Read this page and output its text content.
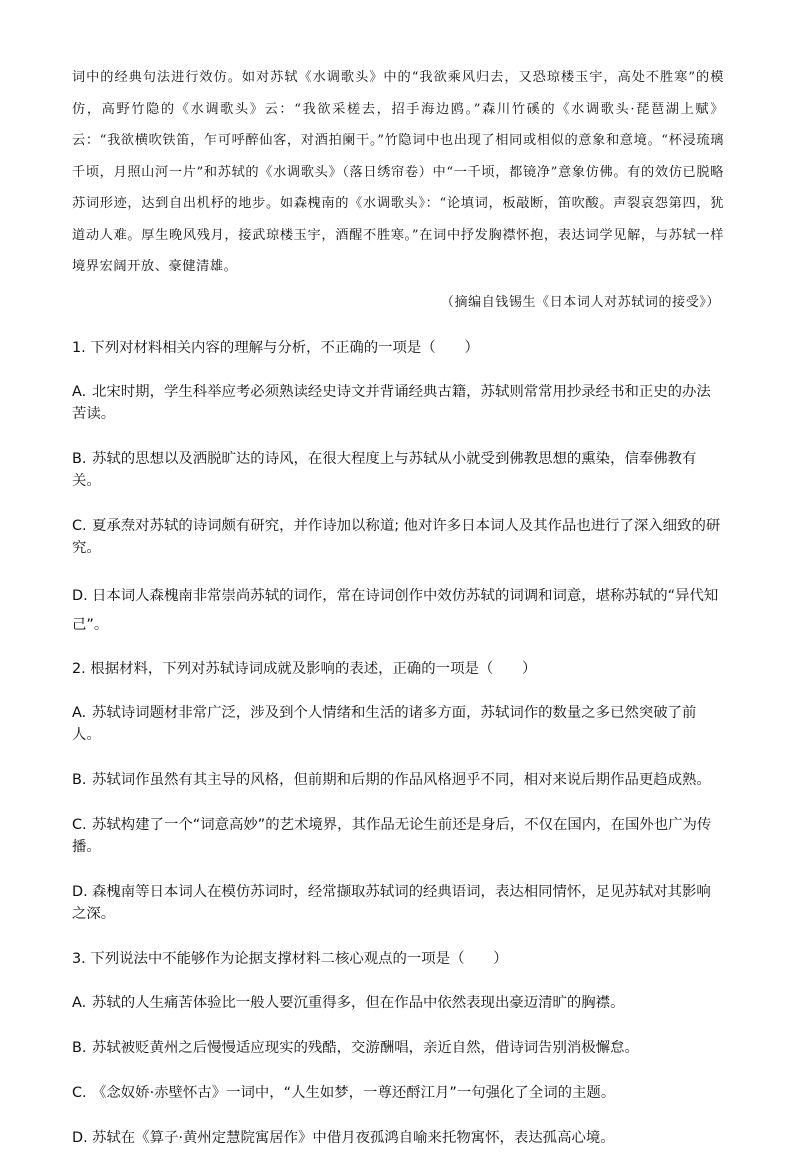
词中的经典句法进行效仿。如对苏轼《水调歌头》中的“我欲乘风归去，又恐琼楼玉宇，高处不胜寒”的模仿，高野竹隐的《水调歌头》云：“我欲采槎去，招手海边鸥。”森川竹磎的《水调歌头·琵琶湖上赋》云：“我欲横吹铁笛，乍可呼醉仙客，对酒拍阑干。”竹隐词中也出现了相同或相似的意象和意境。“杯浸琉璃千顷，月照山河一片”和苏轼的《水调歌头》（落日绣帘卷）中“一千顷，都镜净”意象仿佛。有的效仿已脱略苏词形迹，达到自出机杼的地步。如森槐南的《水调歌头》：“论填词，板敲断，笛吹酸。声裂哀怨第四，犹道动人难。厚生晚风残月，接武琼楼玉宇，酒醒不胜寒。”在词中抒发胸襟怀抱，表达词学见解，与苏轼一样境界宏阔开放、豪健清雄。

（摘编自钱锡生《日本词人对苏轼词的接受》）

1. 下列对材料相关内容的理解与分析，不正确的一项是（　　）

A. 北宋时期，学生科举应考必须熟读经史诗文并背诵经典古籍，苏轼则常常用抄录经书和正史的办法苦读。

B. 苏轼的思想以及洒脱旷达的诗风，在很大程度上与苏轼从小就受到佛教思想的熏染，信奉佛教有关。

C. 夏承焘对苏轼的诗词颇有研究，并作诗加以称道; 他对许多日本词人及其作品也进行了深入细致的研究。

D. 日本词人森槐南非常崇尚苏轼的词作，常在诗词创作中效仿苏轼的词调和词意，堪称苏轼的“异代知己”。

2. 根据材料，下列对苏轼诗词成就及影响的表述，正确的一项是（　　）

A. 苏轼诗词题材非常广泛，涉及到个人情绪和生活的诸多方面，苏轼词作的数量之多已然突破了前人。

B. 苏轼词作虽然有其主导的风格，但前期和后期的作品风格迥乎不同，相对来说后期作品更趋成熟。

C. 苏轼构建了一个“词意高妙”的艺术境界，其作品无论生前还是身后，不仅在国内，在国外也广为传播。

D. 森槐南等日本词人在模仿苏词时，经常撷取苏轼词的经典语词，表达相同情怀，足见苏轼对其影响之深。

3. 下列说法中不能够作为论据支撑材料二核心观点的一项是（　　）

A. 苏轼的人生痛苦体验比一般人要沉重得多，但在作品中依然表现出豪迈清旷的胸襟。

B. 苏轼被贬黄州之后慢慢适应现实的残酷，交游酬唱，亲近自然，借诗词告别消极懈怠。

C. 《念奴娇·赤壁怀古》一词中，“人生如梦，一尊还酹江月”一句强化了全词的主题。

D. 苏轼在《算子·黄州定慧院寓居作》中借月夜孤鸿自喻来托物寓怀，表达孤高心境。
